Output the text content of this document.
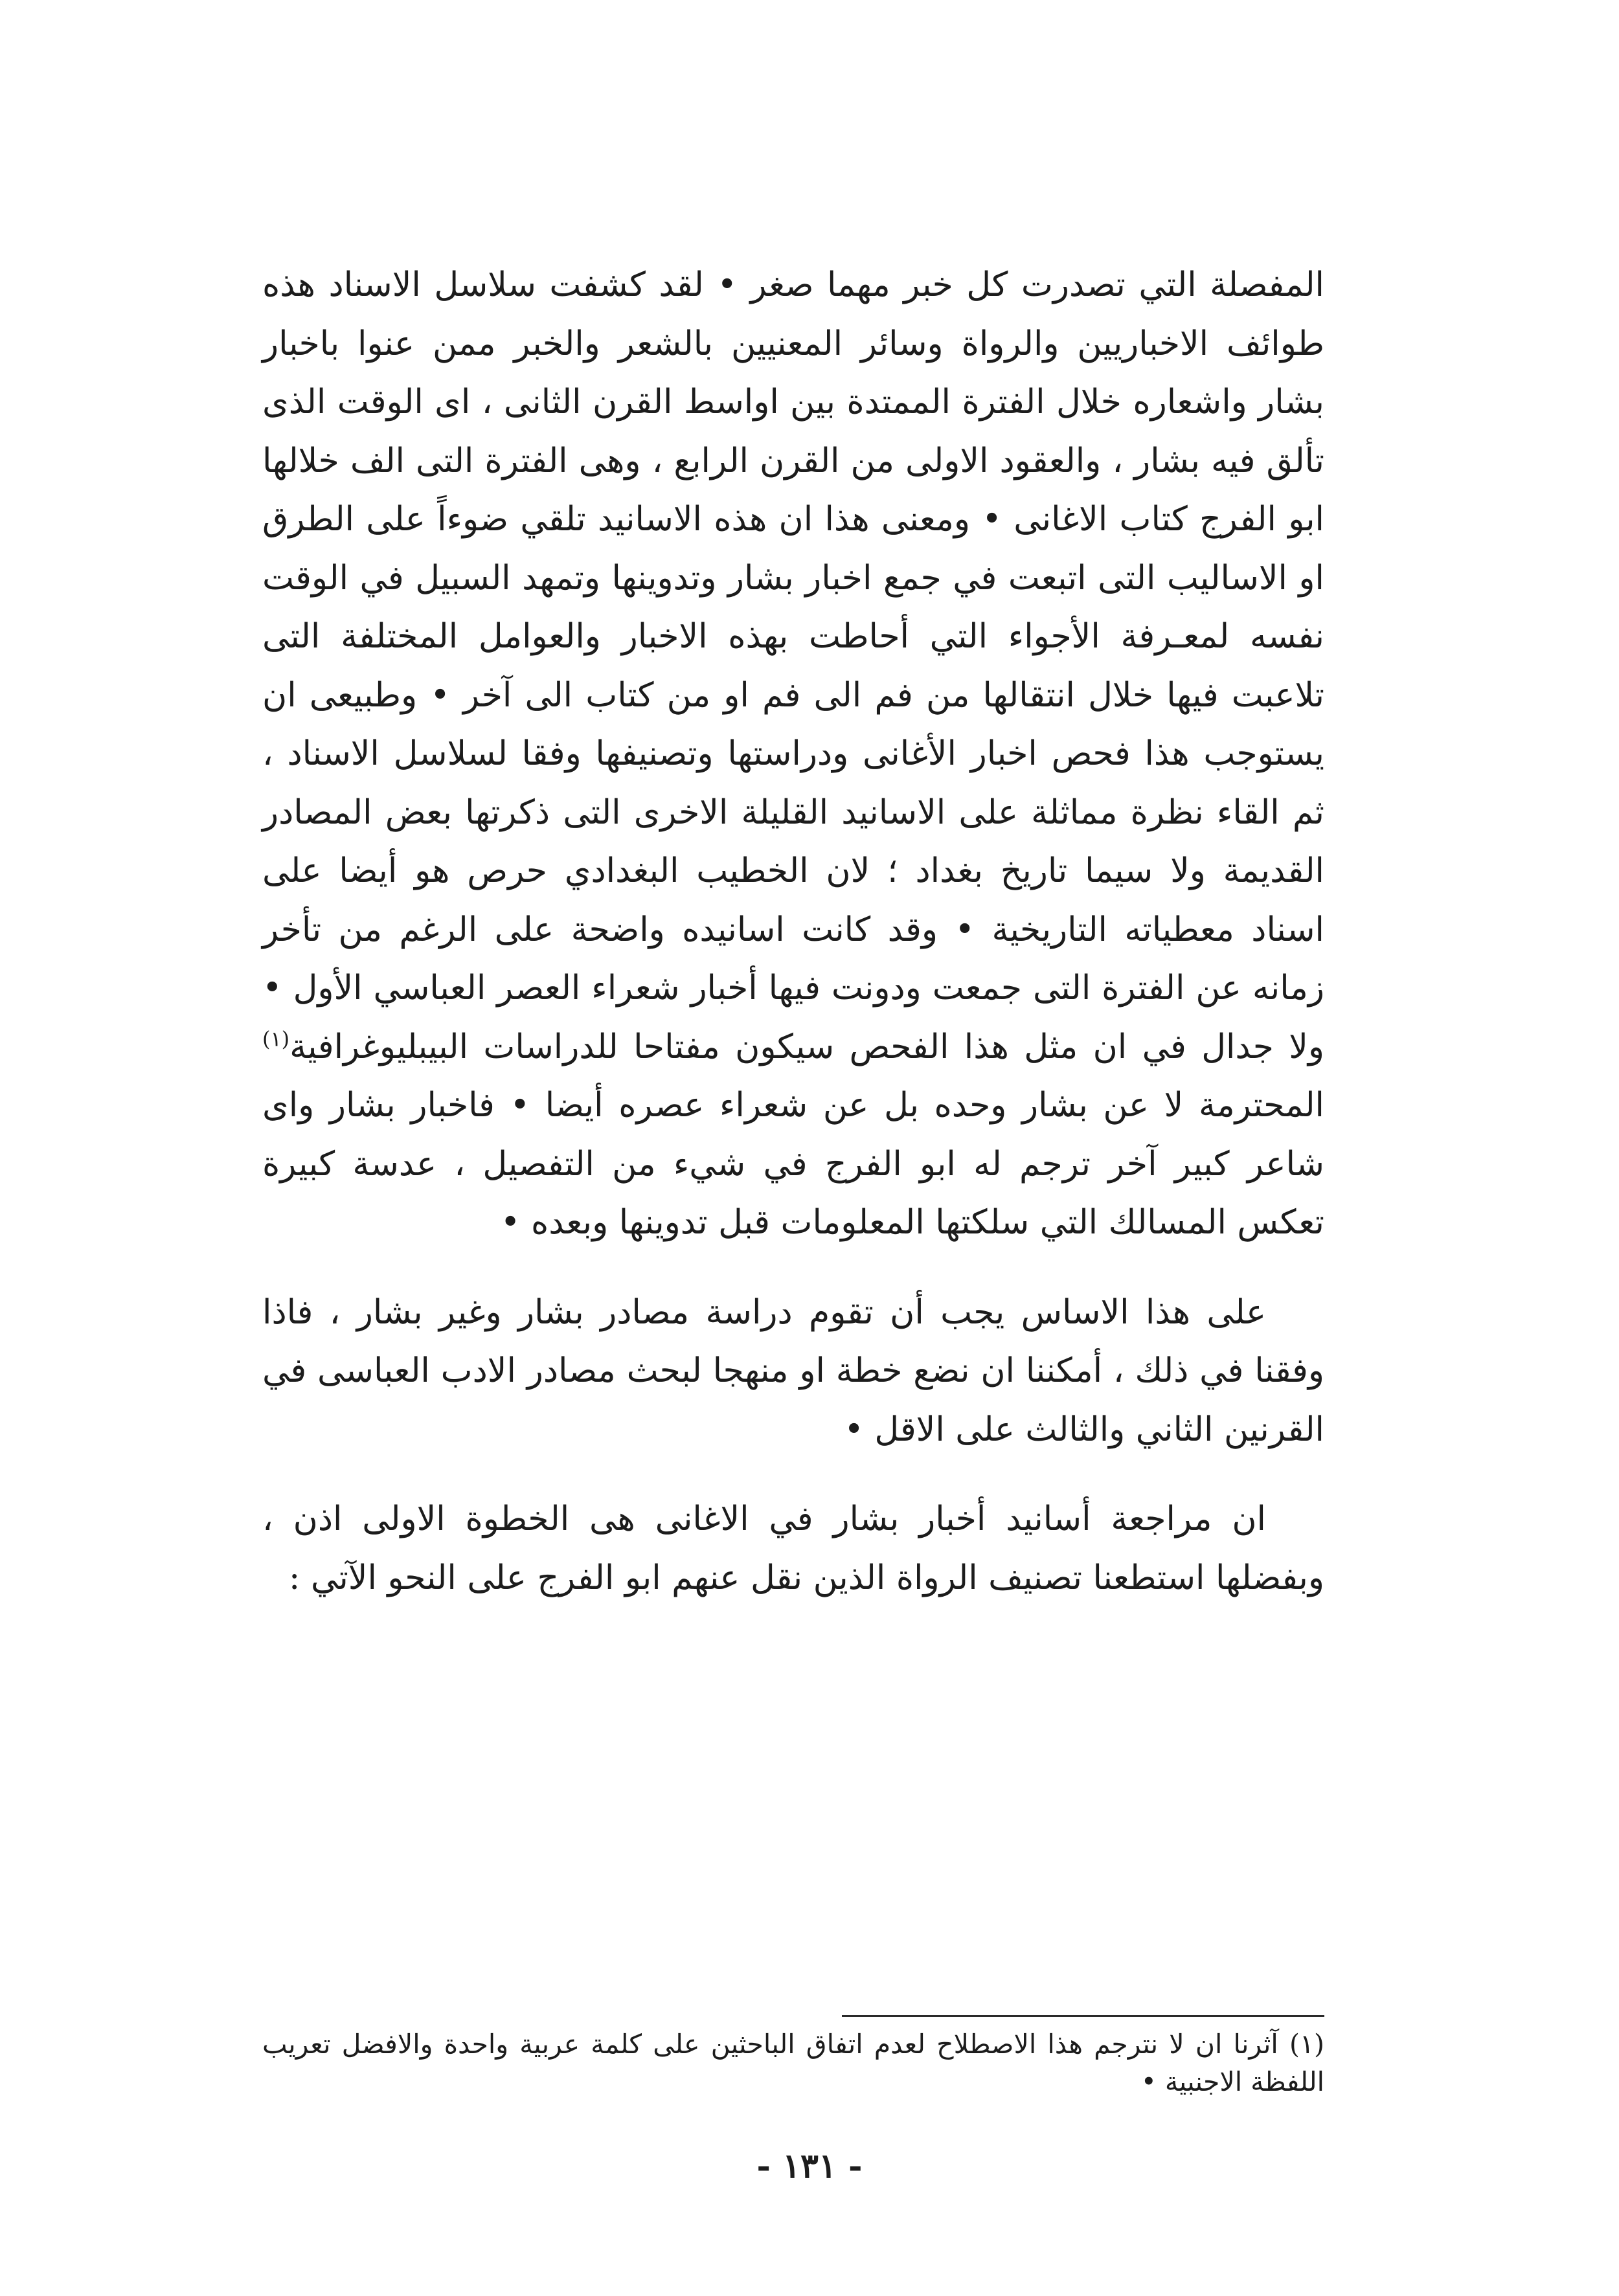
المفصلة التي تصدرت كل خبر مهما صغر • لقد كشفت سلاسل الاسناد هذه طوائف الاخباريين والرواة وسائر المعنيين بالشعر والخبر ممن عنوا باخبار بشار واشعاره خلال الفترة الممتدة بين اواسط القرن الثانى ، اى الوقت الذى تألق فيه بشار ، والعقود الاولى من القرن الرابع ، وهى الفترة التى الف خلالها ابو الفرج كتاب الاغانى • ومعنى هذا ان هذه الاسانيد تلقي ضوءاً على الطرق او الاساليب التى اتبعت في جمع اخبار بشار وتدوينها وتمهد السبيل في الوقت نفسه لمعـرفة الأجواء التي أحاطت بهذه الاخبار والعوامل المختلفة التى تلاعبت فيها خلال انتقالها من فم الى فم او من كتاب الى آخر • وطبيعى ان يستوجب هذا فحص اخبار الأغانى ودراستها وتصنيفها وفقا لسلاسل الاسناد ، ثم القاء نظرة مماثلة على الاسانيد القليلة الاخرى التى ذكرتها بعض المصادر القديمة ولا سيما تاريخ بغداد ؛ لان الخطيب البغدادي حرص هو أيضا على اسناد معطياته التاريخية • وقد كانت اسانيده واضحة على الرغم من تأخر زمانه عن الفترة التى جمعت ودونت فيها أخبار شعراء العصر العباسي الأول • ولا جدال في ان مثل هذا الفحص سيكون مفتاحا للدراسات البيبليوغرافية$^{(١)}$ المحترمة لا عن بشار وحده بل عن شعراء عصره أيضا • فاخبار بشار واى شاعر كبير آخر ترجم له ابو الفرج في شيء من التفصيل ، عدسة كبيرة تعكس المسالك التي سلكتها المعلومات قبل تدوينها وبعده •

على هذا الاساس يجب أن تقوم دراسة مصادر بشار وغير بشار ، فاذا وفقنا في ذلك ، أمكننا ان نضع خطة او منهجا لبحث مصادر الادب العباسى في القرنين الثاني والثالث على الاقل •

ان مراجعة أسانيد أخبار بشار في الاغانى هى الخطوة الاولى اذن ، وبفضلها استطعنا تصنيف الرواة الذين نقل عنهم ابو الفرج على النحو الآتي :

(١) آثرنا ان لا نترجم هذا الاصطلاح لعدم اتفاق الباحثين على كلمة عربية واحدة والافضل تعريب اللفظة الاجنبية •

- ١٣١ -
